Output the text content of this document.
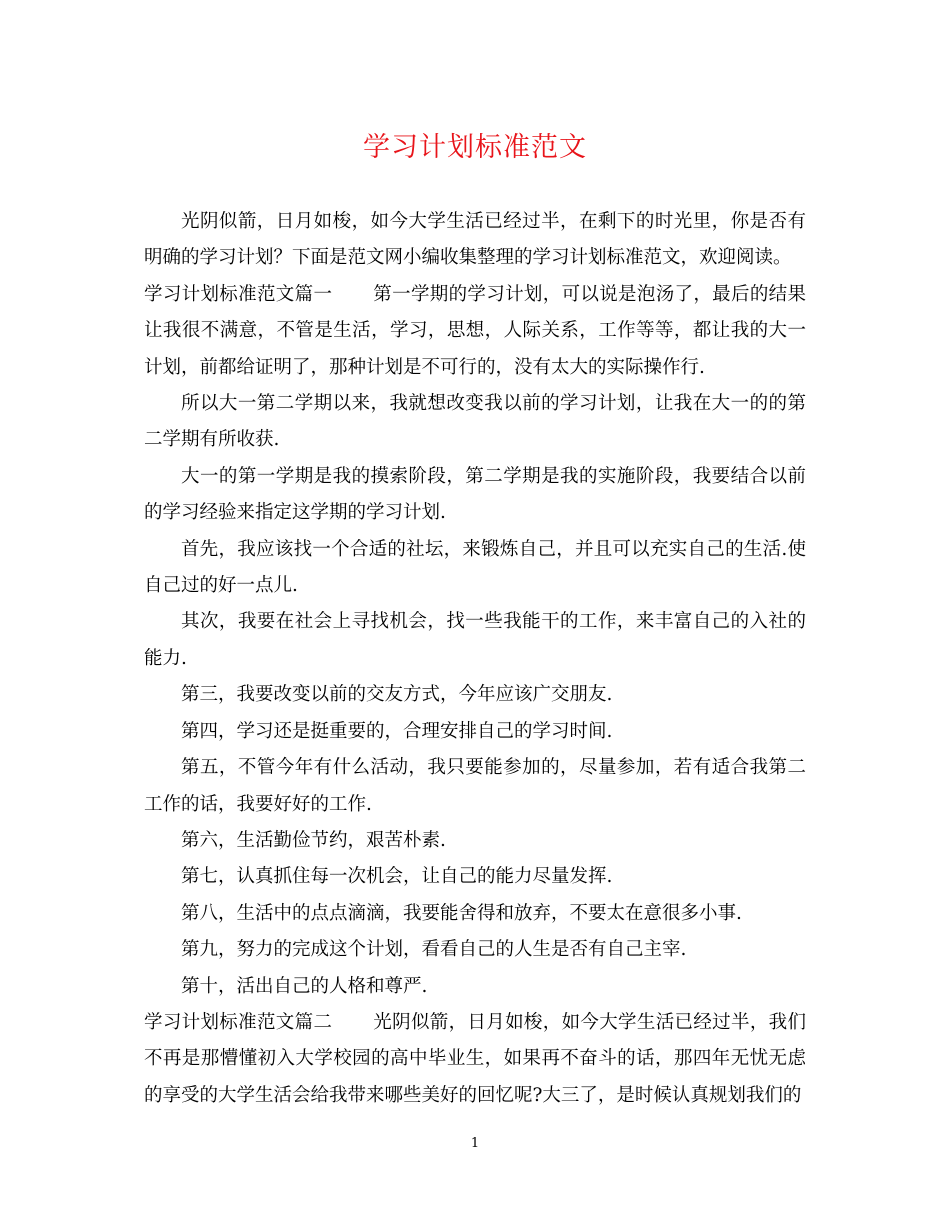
学习计划标准范文

光阴似箭，日月如梭，如今大学生活已经过半，在剩下的时光里，你是否有明确的学习计划？下面是范文网小编收集整理的学习计划标准范文，欢迎阅读。

学习计划标准范文篇一 第一学期的学习计划，可以说是泡汤了，最后的结果让我很不满意，不管是生活，学习，思想，人际关系，工作等等，都让我的大一计划，前都给证明了，那种计划是不可行的，没有太大的实际操作行.

所以大一第二学期以来，我就想改变我以前的学习计划，让我在大一的的第二学期有所收获.

大一的第一学期是我的摸索阶段，第二学期是我的实施阶段，我要结合以前的学习经验来指定这学期的学习计划.

首先，我应该找一个合适的社坛，来锻炼自己，并且可以充实自己的生活.使自己过的好一点儿.

其次，我要在社会上寻找机会，找一些我能干的工作，来丰富自己的入社的能力.

第三，我要改变以前的交友方式，今年应该广交朋友.

第四，学习还是挺重要的，合理安排自己的学习时间.

第五，不管今年有什么活动，我只要能参加的，尽量参加，若有适合我第二工作的话，我要好好的工作.

第六，生活勤俭节约，艰苦朴素.

第七，认真抓住每一次机会，让自己的能力尽量发挥.

第八，生活中的点点滴滴，我要能舍得和放弃，不要太在意很多小事.

第九，努力的完成这个计划，看看自己的人生是否有自己主宰.

第十，活出自己的人格和尊严.

学习计划标准范文篇二 光阴似箭，日月如梭，如今大学生活已经过半，我们不再是那懵懂初入大学校园的高中毕业生，如果再不奋斗的话，那四年无忧无虑的享受的大学生活会给我带来哪些美好的回忆呢?大三了，是时候认真规划我们的

1
